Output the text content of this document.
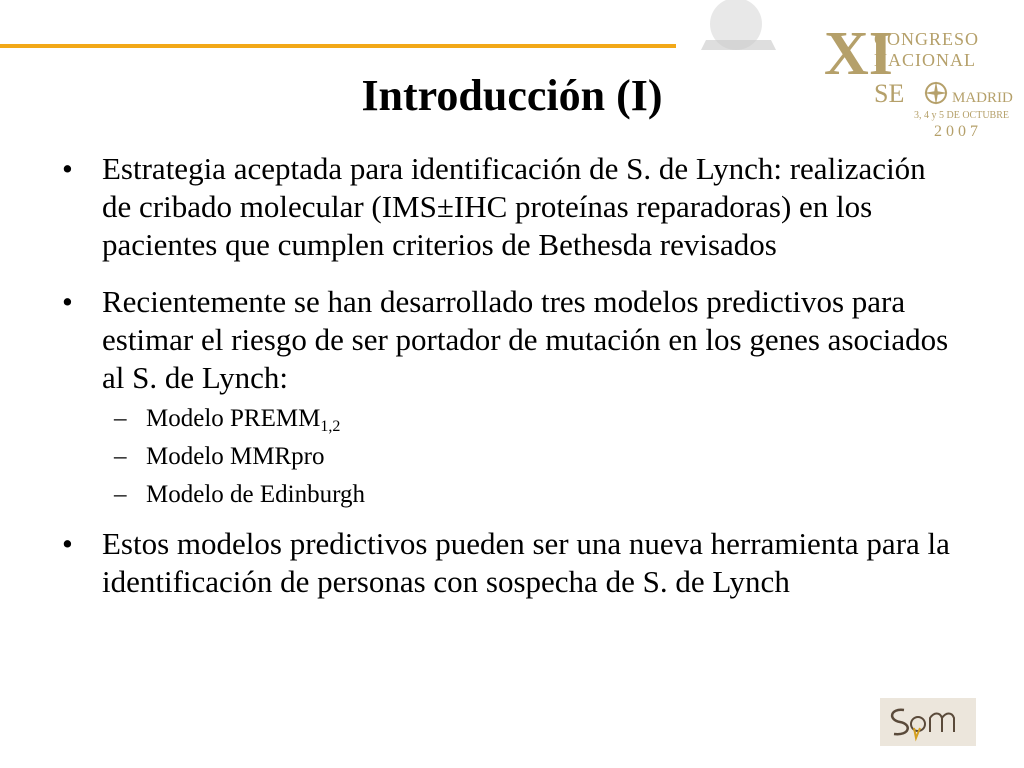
XI
CONGRESO
NACIONAL
SE	MADRID
3, 4 y 5 DE OCTUBRE
2 0 0 7
Introducción (I)
• Estrategia aceptada para identificación de S. de Lynch: realización de cribado molecular (IMS±IHC proteínas reparadoras) en los pacientes que cumplen criterios de Bethesda revisados
• Recientemente se han desarrollado tres modelos predictivos para estimar el riesgo de ser portador de mutación en los genes asociados al S. de Lynch:
– Modelo $PREMM_{1,2}$
– Modelo MMRpro
– Modelo de Edinburgh
• Estos modelos predictivos pueden ser una nueva herramienta para la identificación de personas con sospecha de S. de Lynch
